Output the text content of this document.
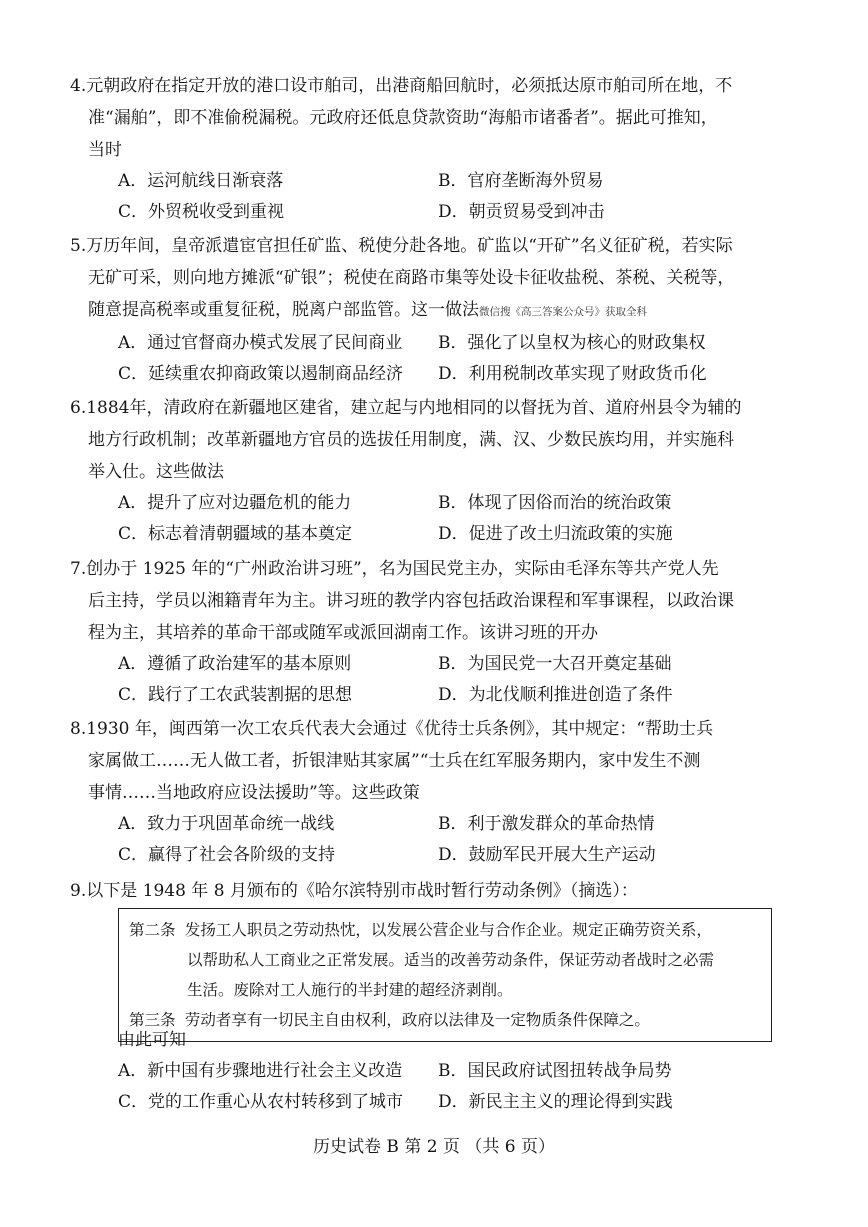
4.元朝政府在指定开放的港口设市舶司，出港商船回航时，必须抵达原市舶司所在地，不
准“漏舶”，即不准偷税漏税。元政府还低息贷款资助“海船市诸番者”。据此可推知，
当时
A．运河航线日渐衰落	B．官府垄断海外贸易
C．外贸税收受到重视	D．朝贡贸易受到冲击
5.万历年间，皇帝派遣宦官担任矿监、税使分赴各地。矿监以“开矿”名义征矿税，若实际
无矿可采，则向地方摊派“矿银”；税使在商路市集等处设卡征收盐税、茶税、关税等，
随意提高税率或重复征税，脱离户部监管。这一做法微信搜《高三答案公众号》获取全科
A．通过官督商办模式发展了民间商业 B．强化了以皇权为核心的财政集权
C．延续重农抑商政策以遏制商品经济 D．利用税制改革实现了财政货币化
6.1884年，清政府在新疆地区建省，建立起与内地相同的以督抚为首、道府州县令为辅的
地方行政机制；改革新疆地方官员的选拔任用制度，满、汉、少数民族均用，并实施科
举入仕。这些做法
A．提升了应对边疆危机的能力	B．体现了因俗而治的统治政策
C．标志着清朝疆域的基本奠定	D．促进了改土归流政策的实施
7.创办于 1925 年的“广州政治讲习班”，名为国民党主办，实际由毛泽东等共产党人先
后主持，学员以湘籍青年为主。讲习班的教学内容包括政治课程和军事课程，以政治课
程为主，其培养的革命干部或随军或派回湖南工作。该讲习班的开办
A．遵循了政治建军的基本原则	B．为国民党一大召开奠定基础
C．践行了工农武装割据的思想	D．为北伐顺利推进创造了条件
8.1930 年，闽西第一次工农兵代表大会通过《优待士兵条例》，其中规定：“帮助士兵
家属做工……无人做工者，折银津贴其家属”“士兵在红军服务期内，家中发生不测
事情……当地政府应设法援助”等。这些政策
A．致力于巩固革命统一战线	B．利于激发群众的革命热情
C．赢得了社会各阶级的支持	D．鼓励军民开展大生产运动
9.以下是 1948 年 8 月颁布的《哈尔滨特别市战时暂行劳动条例》（摘选）：
第二条 发扬工人职员之劳动热忱，以发展公营企业与合作企业。规定正确劳资关系，
以帮助私人工商业之正常发展。适当的改善劳动条件，保证劳动者战时之必需
生活。废除对工人施行的半封建的超经济剥削。
第三条 劳动者享有一切民主自由权利，政府以法律及一定物质条件保障之。
由此可知
A．新中国有步骤地进行社会主义改造 B．国民政府试图扭转战争局势
C．党的工作重心从农村转移到了城市 D．新民主主义的理论得到实践
历史试卷 B 第 2 页 （共 6 页）
